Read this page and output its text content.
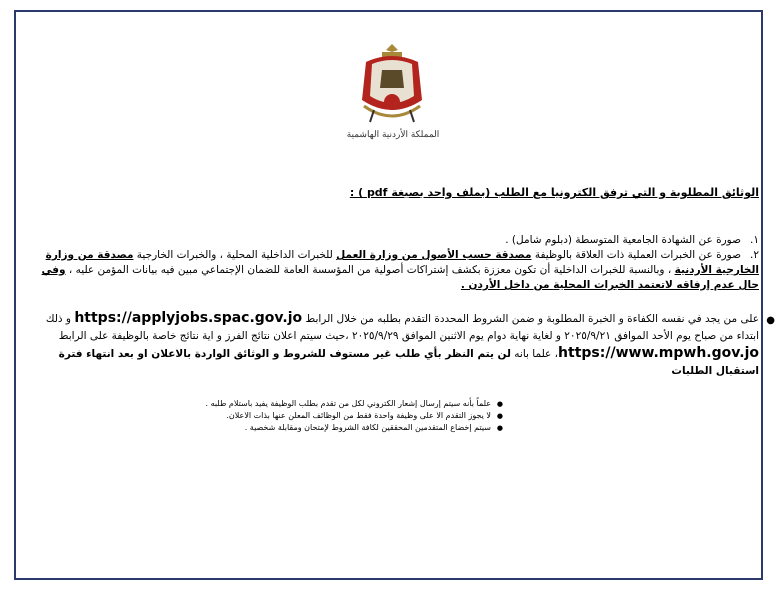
المملكة الأردنية الهاشمية
الوثائق المطلوبة و التي ترفق الكترونيا مع الطلب (بملف واحد بصيغة pdf ) :
١.صورة عن الشهادة الجامعية المتوسطة (دبلوم شامل) .
٢.صورة عن الخبرات العملية ذات العلاقة بالوظيفة مصدقة حسب الأصول من وزارة العمل للخبرات الداخلية المحلية ، والخبرات الخارجية مصدقة من وزارة الخارجية الأردنية ، وبالنسبة للخبرات الداخلية أن تكون معززة بكشف إشتراكات أصولية من المؤسسة العامة للضمان الإجتماعي مبين فيه بيانات المؤمن عليه ، وفي حال عدم إرفاقه لاتعتمد الخبرات المحلية من داخل الأردن .
●
على من يجد في نفسه الكفاءة و الخبرة المطلوبة و ضمن الشروط المحددة التقدم بطلبه من خلال الرابط https://applyjobs.spac.gov.jo و ذلك ابتداء من صباح يوم الأحد الموافق ٢٠٢٥/٩/٢١ و لغاية نهاية دوام يوم الاثنين الموافق ٢٠٢٥/٩/٢٩ ،حيث سيتم اعلان نتائج الفرز و اية نتائج خاصة بالوظيفة على الرابط https://www.mpwh.gov.jo، علما بانه لن يتم النظر بأي طلب غير مستوف للشروط و الوثائق الواردة بالاعلان او بعد انتهاء فترة استقبال الطلبات
●
علماً بأنه سيتم إرسال إشعار الكتروني لكل من تقدم بطلب الوظيفة يفيد باستلام طلبه .
●
لا يجوز التقدم الا على وظيفة واحدة فقط من الوظائف المعلن عنها بذات الاعلان.
●
سيتم إخضاع المتقدمين المحققين لكافة الشروط لإمتحان ومقابلة شخصية .
